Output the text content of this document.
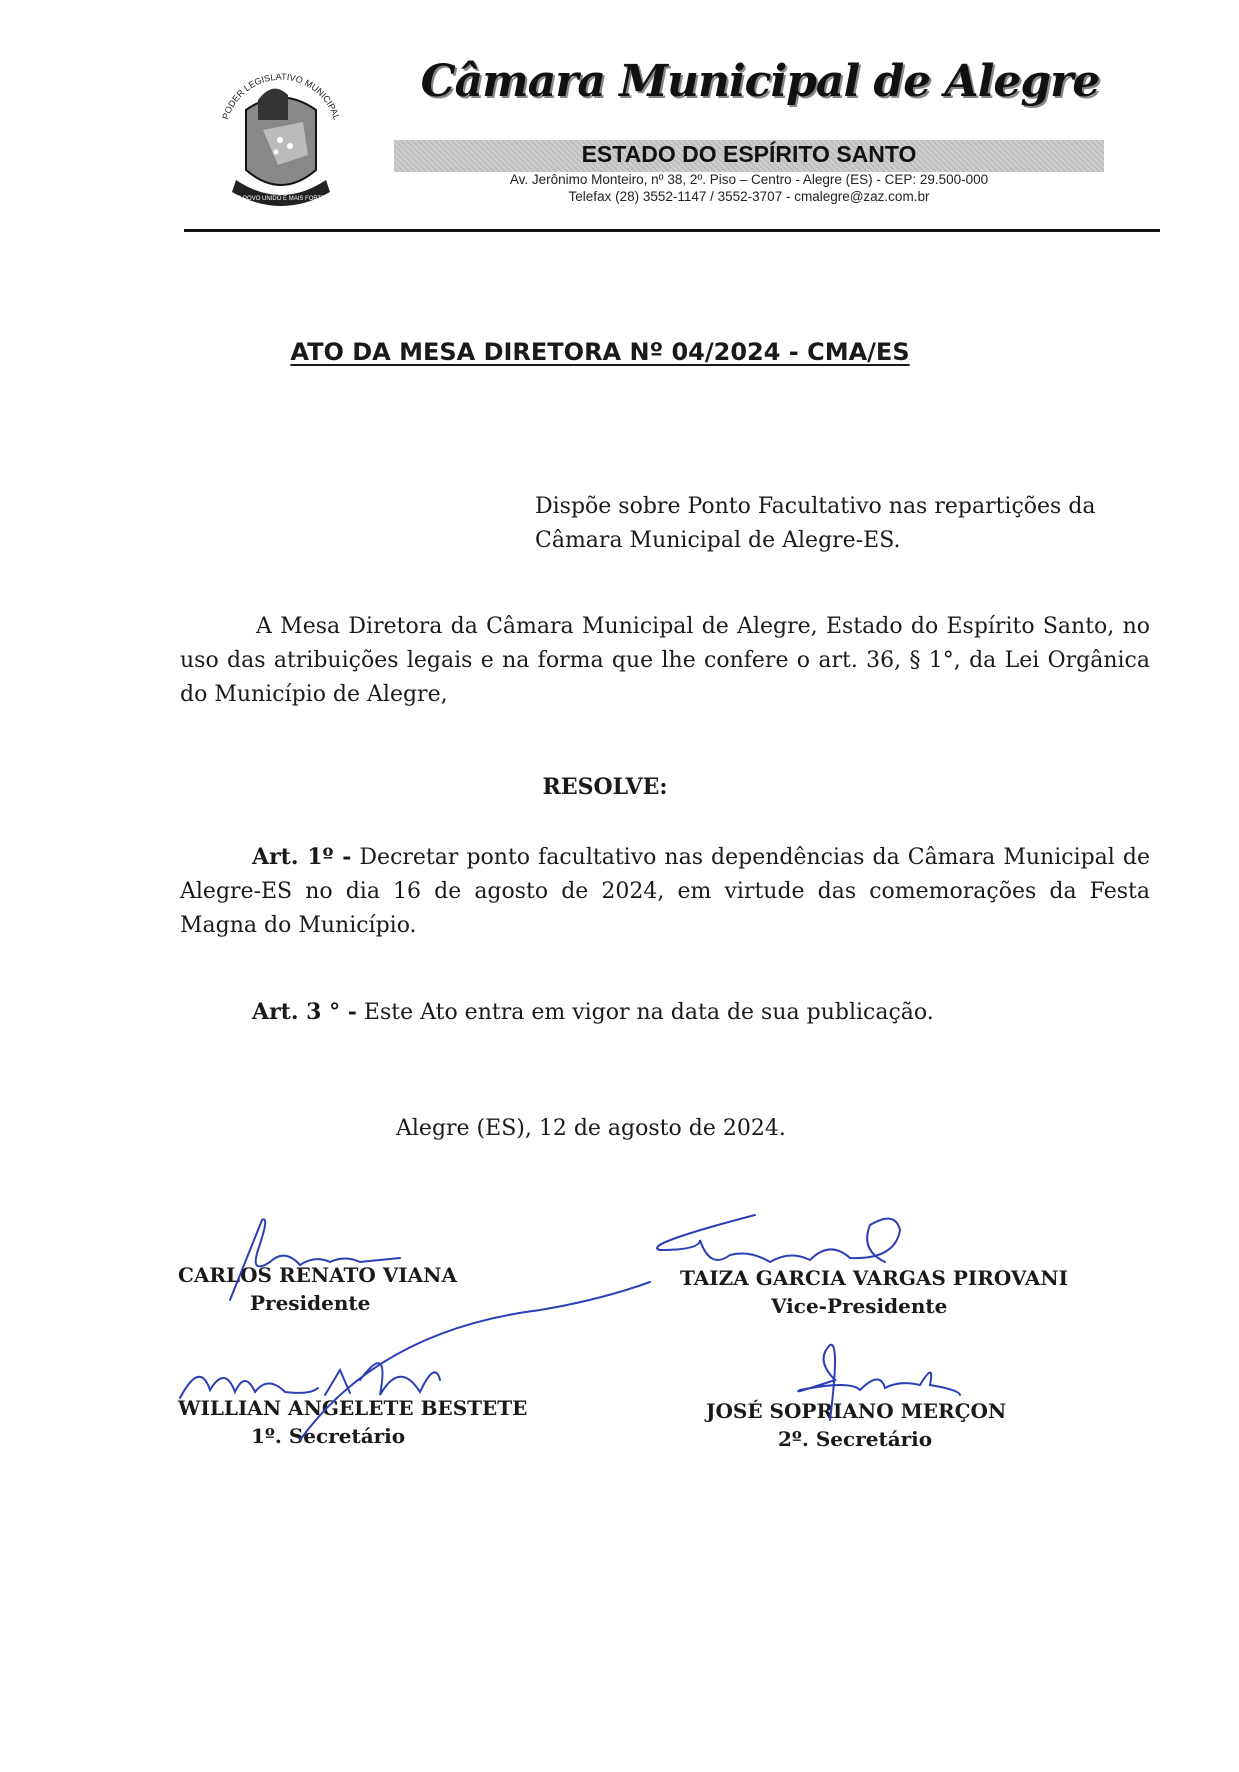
PODER LEGISLATIVO MUNICIPAL
O POVO UNIDO É MAIS FORTE
Câmara Municipal de Alegre
ESTADO DO ESPÍRITO SANTO
Av. Jerônimo Monteiro, nº 38, 2º. Piso – Centro - Alegre (ES) - CEP: 29.500-000
Telefax (28) 3552-1147 / 3552-3707 - cmalegre@zaz.com.br
ATO DA MESA DIRETORA Nº 04/2024 - CMA/ES
Dispõe sobre Ponto Facultativo nas repartições da Câmara Municipal de Alegre-ES.
A Mesa Diretora da Câmara Municipal de Alegre, Estado do Espírito Santo, no uso das atribuições legais e na forma que lhe confere o art. 36, § 1°, da Lei Orgânica do Município de Alegre,
RESOLVE:
Art. 1º - Decretar ponto facultativo nas dependências da Câmara Municipal de Alegre-ES no dia 16 de agosto de 2024, em virtude das comemorações da Festa Magna do Município.
Art. 3 ° - Este Ato entra em vigor na data de sua publicação.
Alegre (ES), 12 de agosto de 2024.
CARLOS RENATO VIANA
Presidente
TAIZA GARCIA VARGAS PIROVANI
Vice-Presidente
WILLIAN ANGELETE BESTETE
1º. Secretário
JOSÉ SOPRIANO MERÇON
2º. Secretário
